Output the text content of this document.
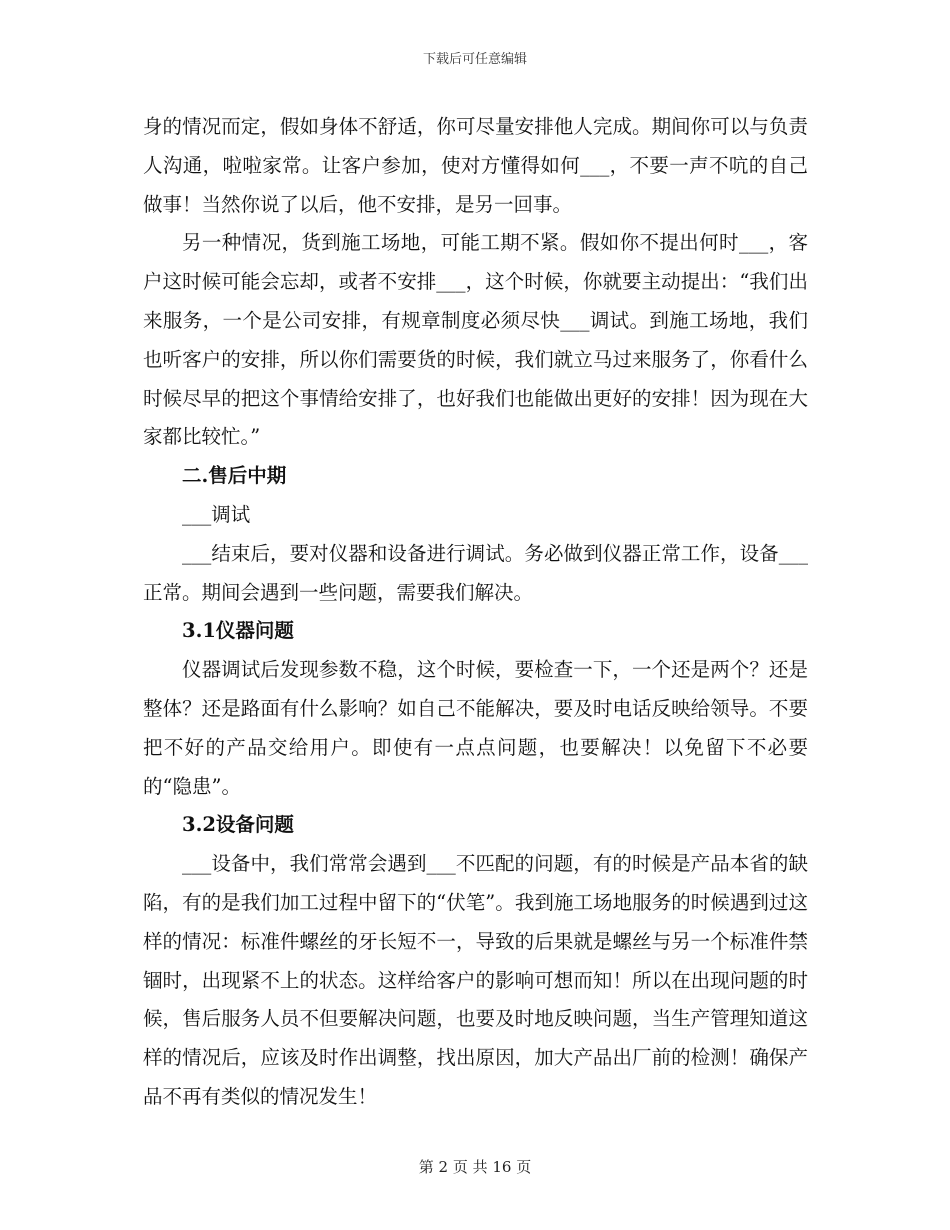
下载后可任意编辑

身的情况而定，假如身体不舒适，你可尽量安排他人完成。期间你可以与负责人沟通，啦啦家常。让客户参加，使对方懂得如何___，不要一声不吭的自己做事！当然你说了以后，他不安排，是另一回事。

另一种情况，货到施工场地，可能工期不紧。假如你不提出何时___，客户这时候可能会忘却，或者不安排___，这个时候，你就要主动提出：“我们出来服务，一个是公司安排，有规章制度必须尽快___调试。到施工场地，我们也听客户的安排，所以你们需要货的时候，我们就立马过来服务了，你看什么时候尽早的把这个事情给安排了，也好我们也能做出更好的安排！因为现在大家都比较忙。”

二.售后中期

___调试

___结束后，要对仪器和设备进行调试。务必做到仪器正常工作，设备___正常。期间会遇到一些问题，需要我们解决。

3.1仪器问题

仪器调试后发现参数不稳，这个时候，要检查一下，一个还是两个？还是整体？还是路面有什么影响？如自己不能解决，要及时电话反映给领导。不要把不好的产品交给用户。即使有一点点问题，也要解决！以免留下不必要的“隐患”。

3.2设备问题

___设备中，我们常常会遇到___不匹配的问题，有的时候是产品本省的缺陷，有的是我们加工过程中留下的“伏笔”。我到施工场地服务的时候遇到过这样的情况：标准件螺丝的牙长短不一，导致的后果就是螺丝与另一个标准件禁锢时，出现紧不上的状态。这样给客户的影响可想而知！所以在出现问题的时候，售后服务人员不但要解决问题，也要及时地反映问题，当生产管理知道这样的情况后，应该及时作出调整，找出原因，加大产品出厂前的检测！确保产品不再有类似的情况发生！

第 2 页 共 16 页
